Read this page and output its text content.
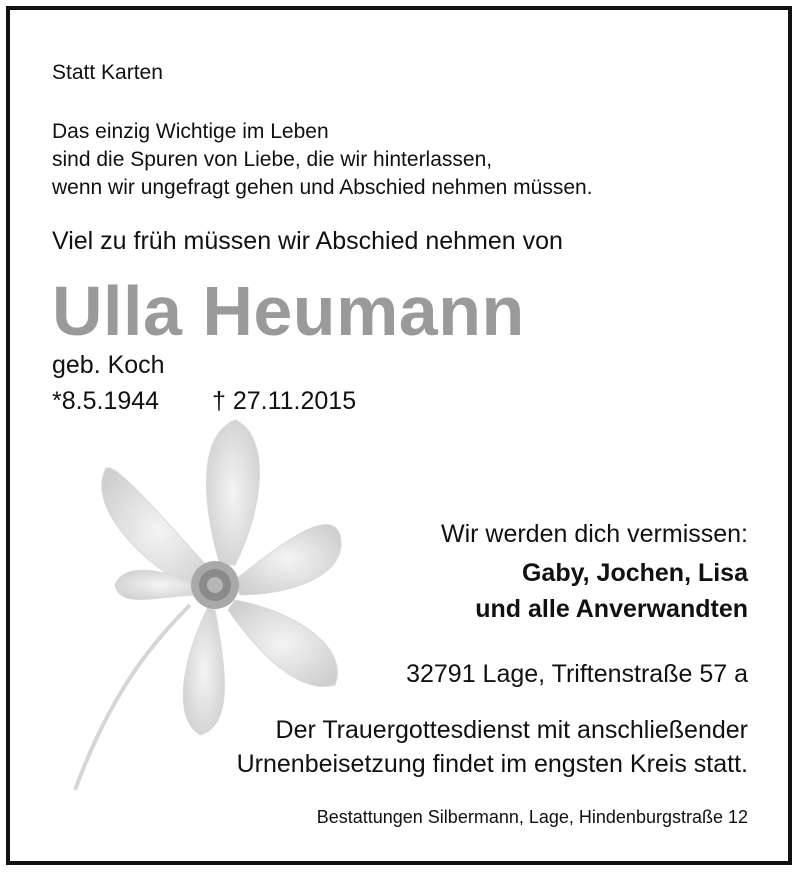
Statt Karten
Das einzig Wichtige im Leben
sind die Spuren von Liebe, die wir hinterlassen,
wenn wir ungefragt gehen und Abschied nehmen müssen.
Viel zu früh müssen wir Abschied nehmen von
Ulla Heumann
geb. Koch
*8.5.1944 † 27.11.2015
Wir werden dich vermissen:
Gaby, Jochen, Lisa
und alle Anverwandten
32791 Lage, Triftenstraße 57 a
Der Trauergottesdienst mit anschließender
Urnenbeisetzung findet im engsten Kreis statt.
Bestattungen Silbermann, Lage, Hindenburgstraße 12
